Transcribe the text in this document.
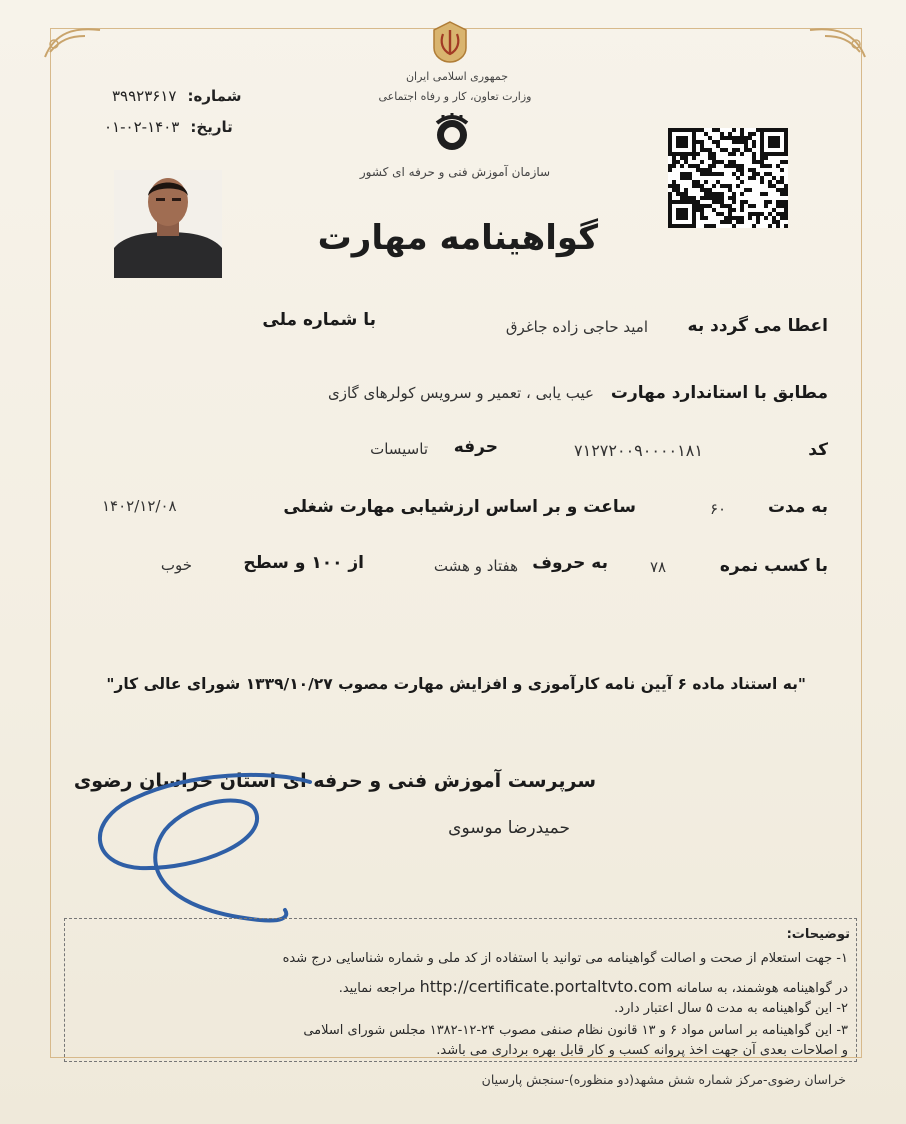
جمهوری اسلامی ایران
وزارت تعاون، کار و رفاه اجتماعی
سازمان آموزش فنی و حرفه ای کشور
شماره: ۳۹۹۲۳۶۱۷
تاریخ: ۱۴۰۳-۰۲-۰۱
گواهینامه مهارت
اعطا می گردد به
امید حاجی زاده جاغرق
با شماره ملی
مطابق با استاندارد مهارت
عیب یابی ، تعمیر و سرویس کولرهای گازی
کد
۷۱۲۷۲۰۰۹۰۰۰۰۱۸۱
حرفه
تاسیسات
به مدت
۶۰
ساعت و بر اساس ارزشیابی مهارت شغلی
۱۴۰۲/۱۲/۰۸
با کسب نمره
۷۸
به حروف
هفتاد و هشت
از ۱۰۰ و سطح
خوب
"به استناد ماده ۶ آیین نامه کارآموزی و افزایش مهارت مصوب ۱۳۳۹/۱۰/۲۷ شورای عالی کار"
سرپرست آموزش فنی و حرفه ای استان خراسان رضوی
حمیدرضا موسوی
توضیحات:
۱- جهت استعلام از صحت و اصالت گواهینامه می توانید با استفاده از کد ملی و شماره شناسایی درج شده
در گواهینامه هوشمند، به سامانه http://certificate.portaltvto.com مراجعه نمایید.
۲- این گواهینامه به مدت ۵ سال اعتبار دارد.
۳- این گواهینامه بر اساس مواد ۶ و ۱۳ قانون نظام صنفی مصوب ۲۴-۱۲-۱۳۸۲ مجلس شورای اسلامی
و اصلاحات بعدی آن جهت اخذ پروانه کسب و کار قابل بهره برداری می باشد.
خراسان رضوی-مرکز شماره شش مشهد(دو منظوره)-سنجش پارسیان
